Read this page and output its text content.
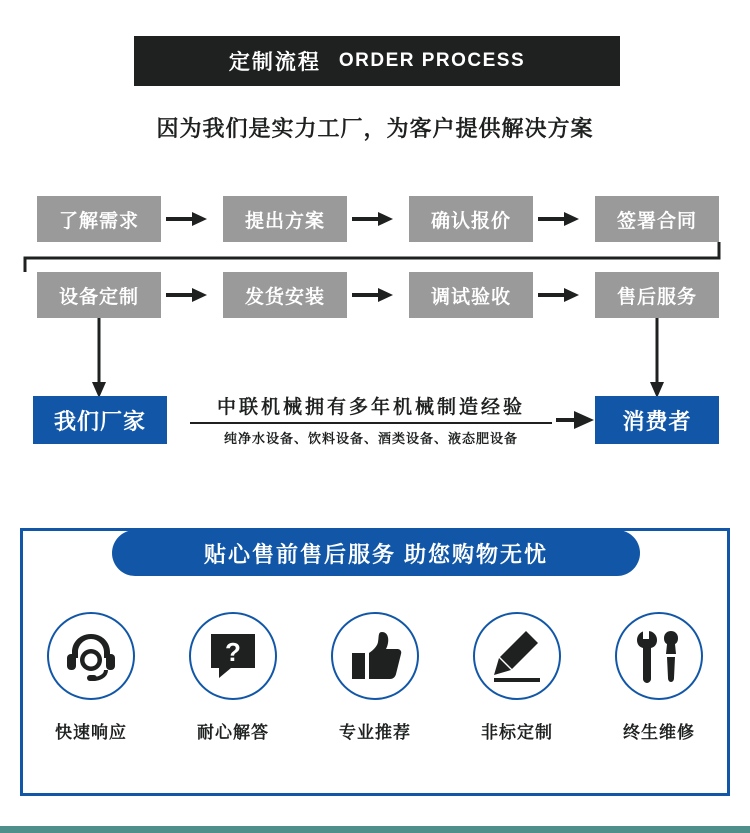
定制流程 ORDER PROCESS
因为我们是实力工厂，为客户提供解决方案
了解需求	提出方案	确认报价	签署合同
设备定制	发货安装	调试验收	售后服务
我们厂家	消费者
中联机械拥有多年机械制造经验
纯净水设备、饮料设备、酒类设备、液态肥设备
贴心售前售后服务 助您购物无忧
快速响应
?
耐心解答	专业推荐	非标定制	终生维修
